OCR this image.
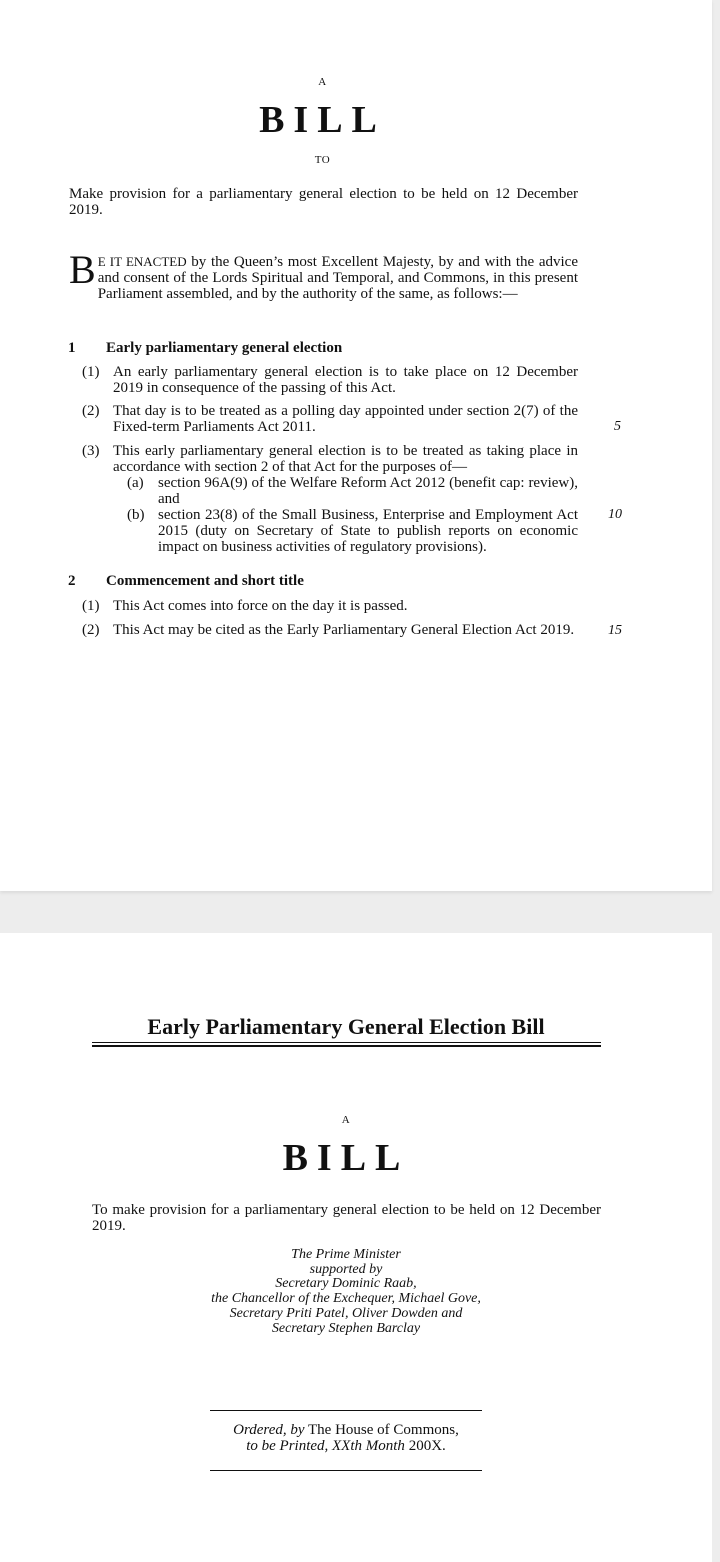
A

BILL

TO

Make provision for a parliamentary general election to be held on 12 December 2019.

B E IT ENACTED by the Queen’s most Excellent Majesty, by and with the advice and consent of the Lords Spiritual and Temporal, and Commons, in this present Parliament assembled, and by the authority of the same, as follows:—
1 Early parliamentary general election
(1) An early parliamentary general election is to take place on 12 December 2019 in consequence of the passing of this Act.

(2) That day is to be treated as a polling day appointed under section 2(7) of the Fixed-term Parliaments Act 2011.

(3) This early parliamentary general election is to be treated as taking place in accordance with section 2 of that Act for the purposes of—

(a) section 96A(9) of the Welfare Reform Act 2012 (benefit cap: review), and

(b) section 23(8) of the Small Business, Enterprise and Employment Act 2015 (duty on Secretary of State to publish reports on economic impact on business activities of regulatory provisions).

2 Commencement and short title
(1) This Act comes into force on the day it is passed.

(2) This Act may be cited as the Early Parliamentary General Election Act 2019.

5
10
15

Early Parliamentary General Election Bill

A

BILL

To make provision for a parliamentary general election to be held on 12 December 2019.

The Prime Minister
supported by
Secretary Dominic Raab,
the Chancellor of the Exchequer, Michael Gove,
Secretary Priti Patel, Oliver Dowden and
Secretary Stephen Barclay
Ordered, by The House of Commons,
to be Printed, XXth Month 200X.
